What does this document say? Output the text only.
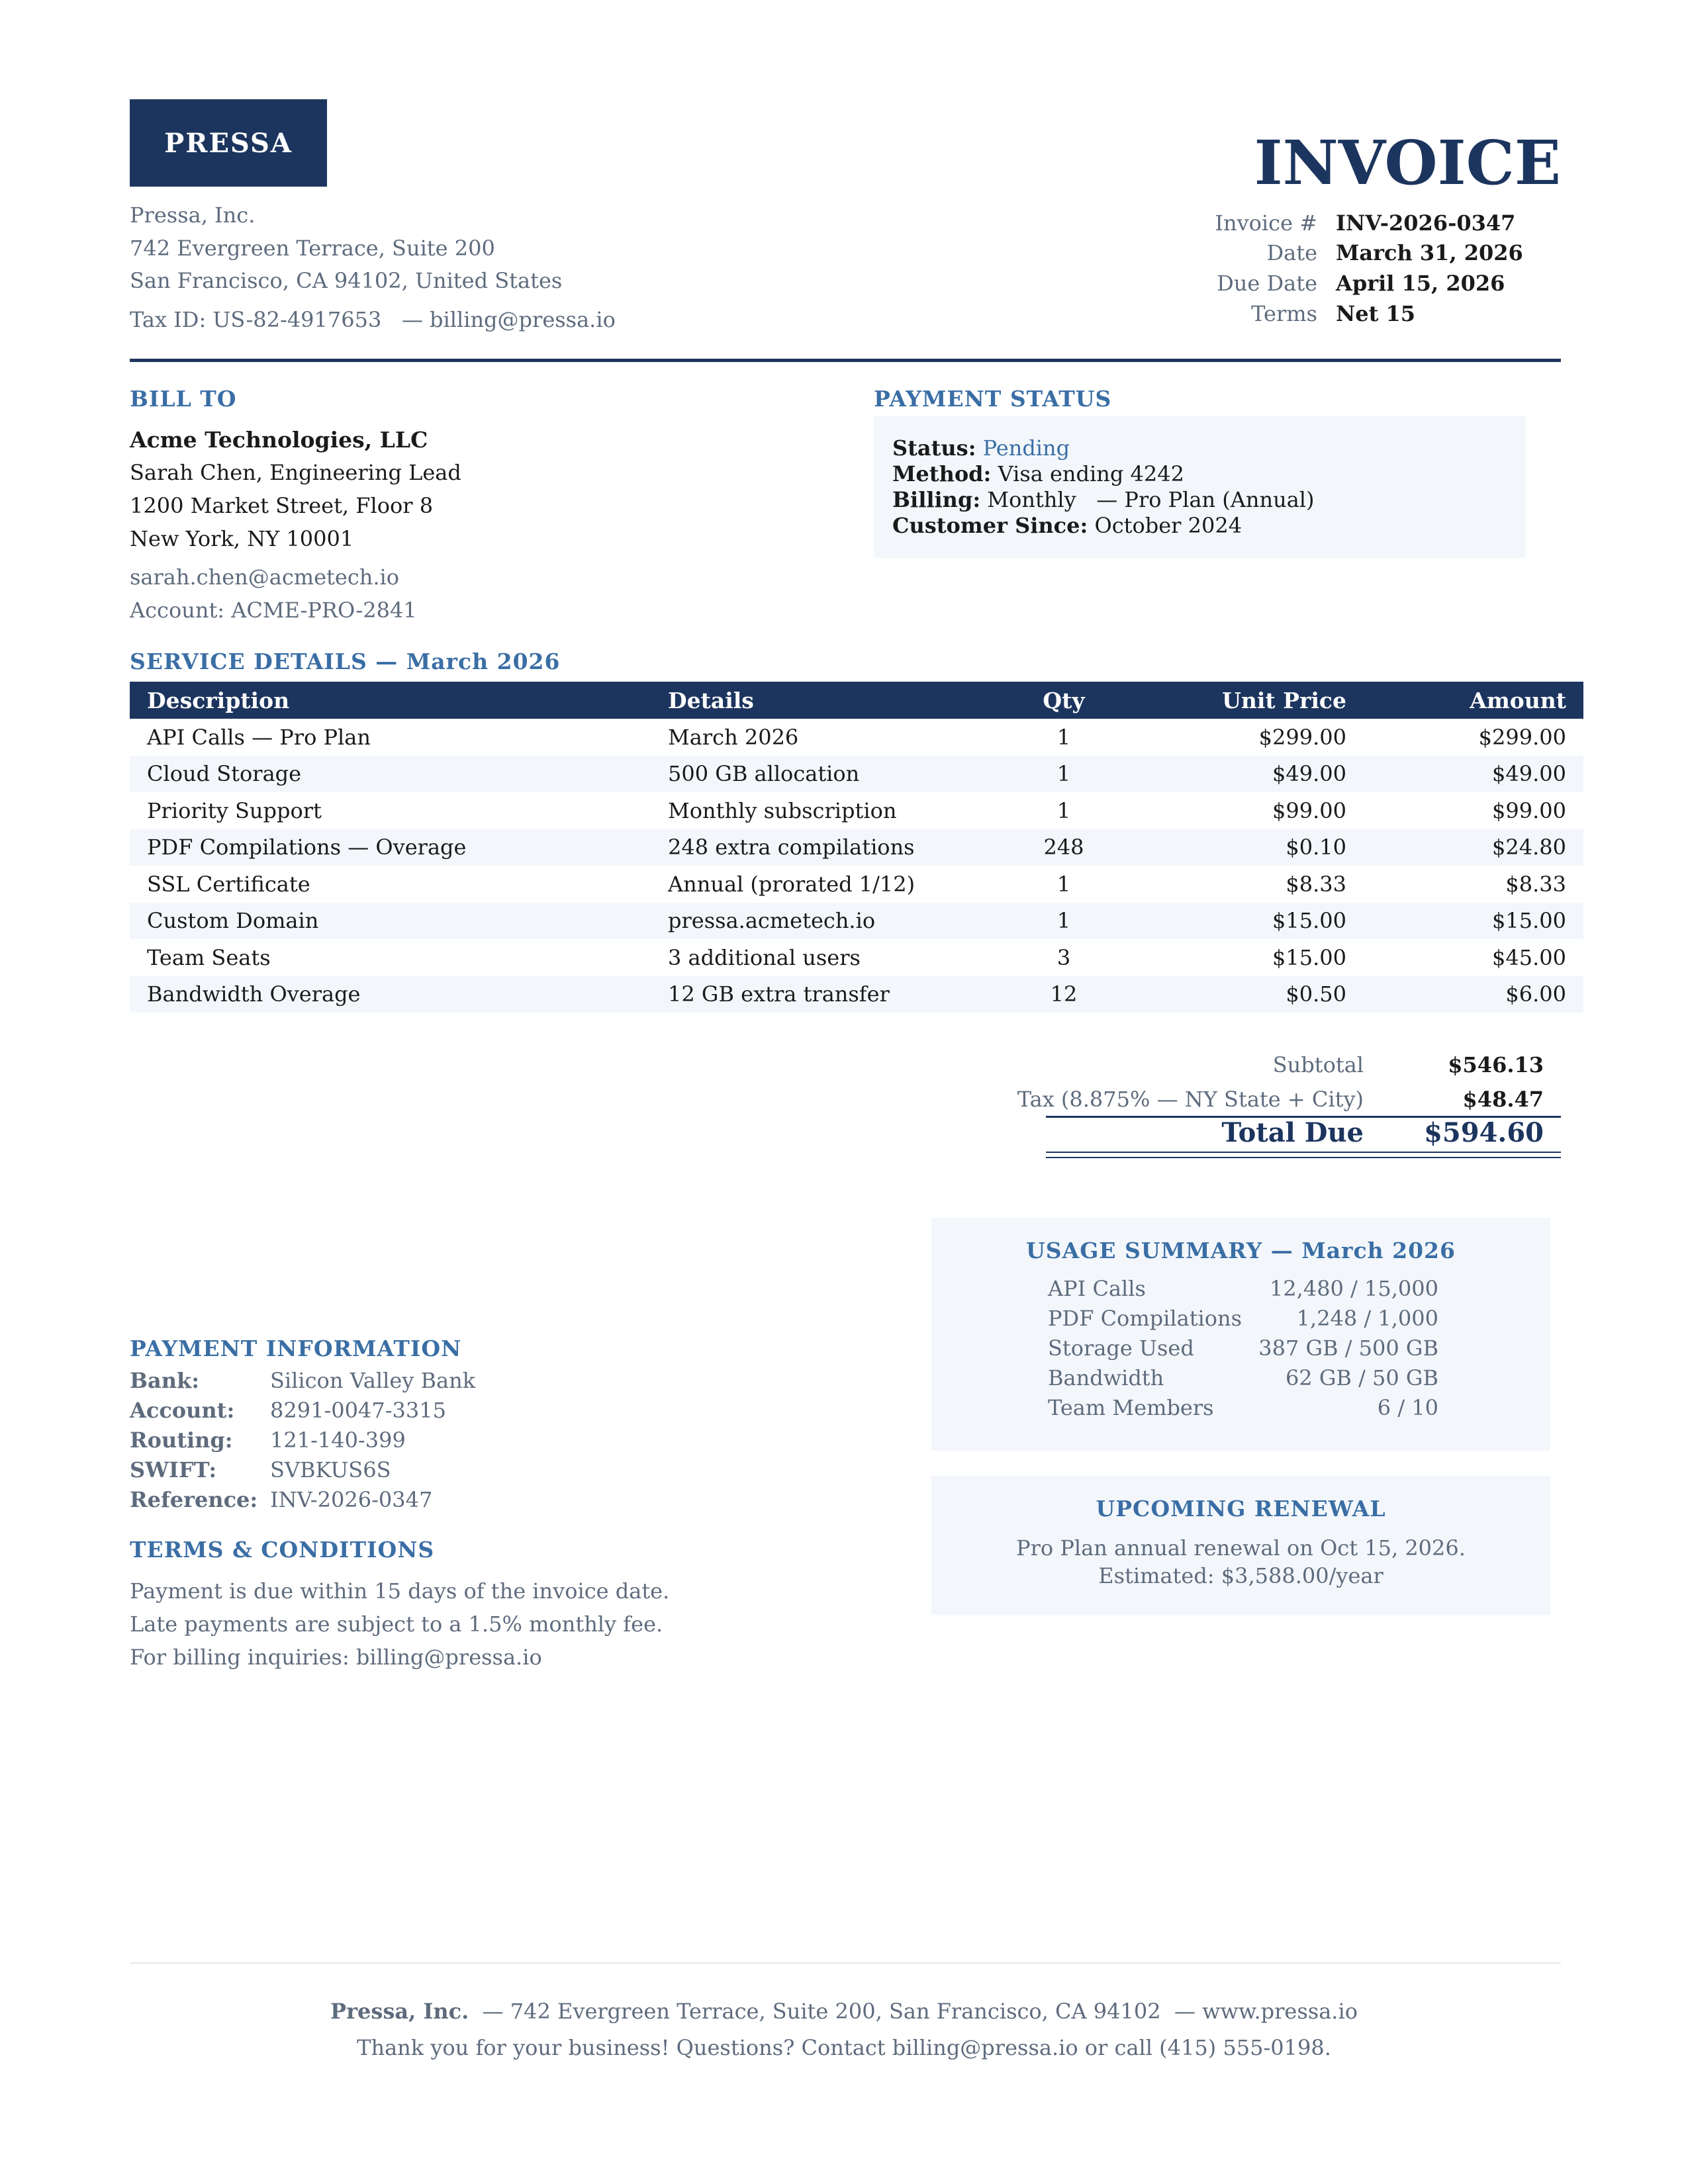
PRESSA
Pressa, Inc.
742 Evergreen Terrace, Suite 200
San Francisco, CA 94102, United States
Tax ID: US-82-4917653   — billing@pressa.io
INVOICE
Invoice # INV-2026-0347
Date March 31, 2026
Due Date April 15, 2026
Terms Net 15
BILL TO
Acme Technologies, LLC
Sarah Chen, Engineering Lead
1200 Market Street, Floor 8
New York, NY 10001
sarah.chen@acmetech.io
Account: ACME-PRO-2841
PAYMENT STATUS
Status: Pending
Method: Visa ending 4242
Billing: Monthly   — Pro Plan (Annual)
Customer Since: October 2024
SERVICE DETAILS — March 2026
Description	Details	Qty	Unit Price	Amount
API Calls — Pro Plan	March 2026	1	$299.00	$299.00
Cloud Storage	500 GB allocation	1	$49.00	$49.00
Priority Support	Monthly subscription	1	$99.00	$99.00
PDF Compilations — Overage	248 extra compilations	248	$0.10	$24.80
SSL Certificate	Annual (prorated 1/12)	1	$8.33	$8.33
Custom Domain	pressa.acmetech.io	1	$15.00	$15.00
Team Seats	3 additional users	3	$15.00	$45.00
Bandwidth Overage	12 GB extra transfer	12	$0.50	$6.00
Subtotal	$546.13
Tax (8.875% — NY State + City)	$48.47
Total Due $594.60
USAGE SUMMARY — March 2026
API Calls	12,480 / 15,000
PDF Compilations	1,248 / 1,000
Storage Used	387 GB / 500 GB
Bandwidth	62 GB / 50 GB
Team Members	6 / 10
UPCOMING RENEWAL
Pro Plan annual renewal on Oct 15, 2026.
Estimated: $3,588.00/year
PAYMENT INFORMATION
Bank:	Silicon Valley Bank
Account:	8291-0047-3315
Routing:	121-140-399
SWIFT:	SVBKUS6S
Reference: INV-2026-0347
TERMS & CONDITIONS
Payment is due within 15 days of the invoice date.
Late payments are subject to a 1.5% monthly fee.
For billing inquiries: billing@pressa.io
Pressa, Inc.  — 742 Evergreen Terrace, Suite 200, San Francisco, CA 94102  — www.pressa.io
Thank you for your business! Questions? Contact billing@pressa.io or call (415) 555-0198.
